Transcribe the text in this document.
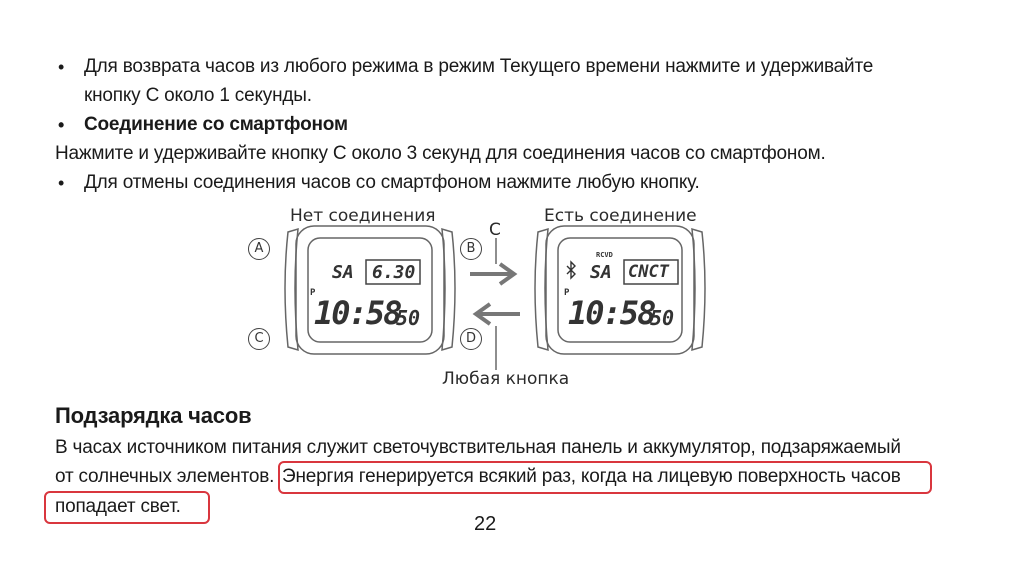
• Для возврата часов из любого режима в режим Текущего времени нажмите и удерживайте
кнопку C около 1 секунды.
• Соединение со смартфоном
Нажмите и удерживайте кнопку C около 3 секунд для соединения часов со смартфоном.
• Для отмены соединения часов со смартфоном нажмите любую кнопку.
Нет соединения	Есть соединение
C
Любая кнопка
A
C
B
D
SA 6.30
P
10:58
50
RCVD
SA CNCT
P
10:58
50
Подзарядка часов
В часах источником питания служит светочувствительная панель и аккумулятор, подзаряжаемый
от солнечных элементов. Энергия генерируется всякий раз, когда на лицевую поверхность часов
попадает свет.
22
